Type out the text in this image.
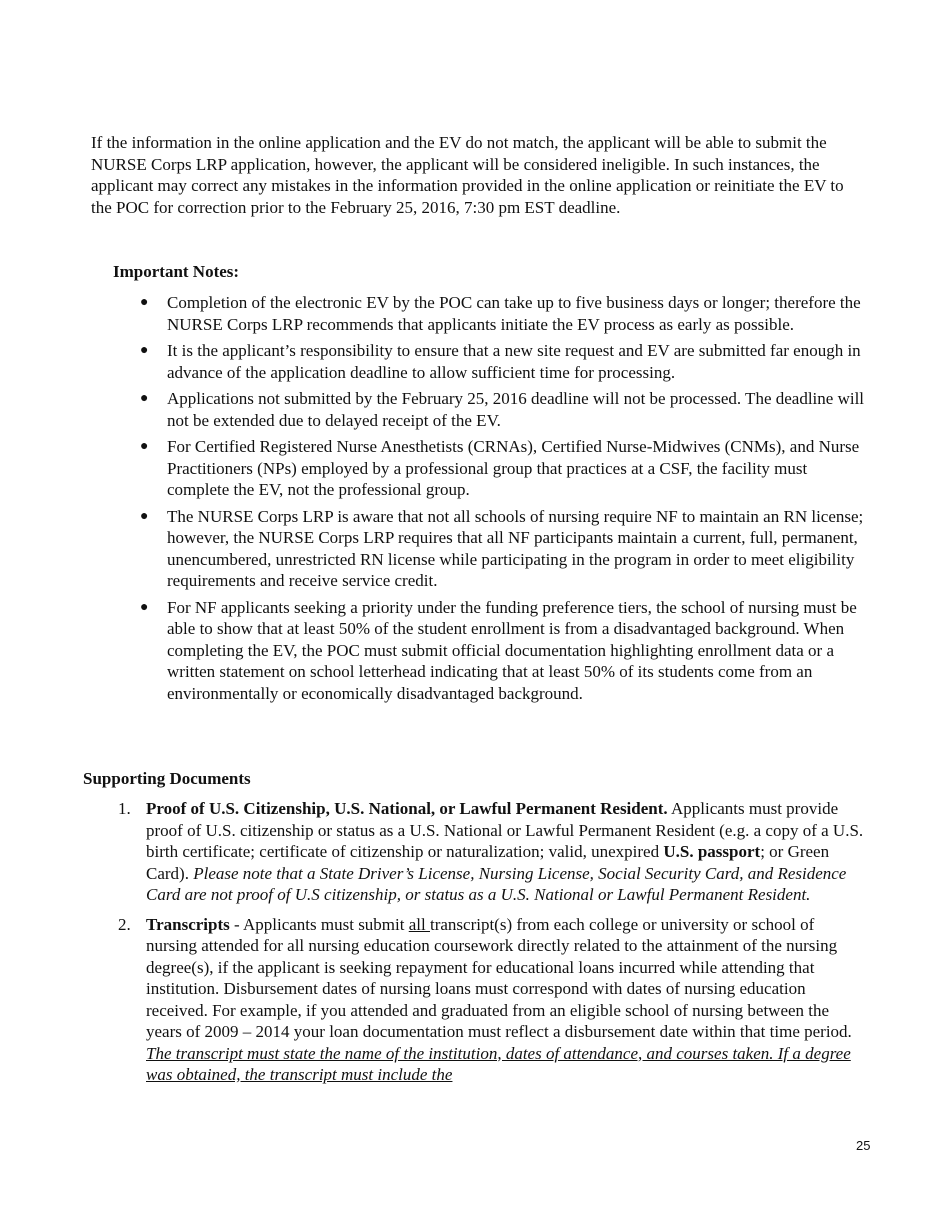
If the information in the online application and the EV do not match, the applicant will be able to submit the NURSE Corps LRP application, however, the applicant will be considered ineligible. In such instances, the applicant may correct any mistakes in the information provided in the online application or reinitiate the EV to the POC for correction prior to the February 25, 2016, 7:30 pm EST deadline.

Important Notes:

● Completion of the electronic EV by the POC can take up to five business days or longer; therefore the NURSE Corps LRP recommends that applicants initiate the EV process as early as possible.
● It is the applicant’s responsibility to ensure that a new site request and EV are submitted far enough in advance of the application deadline to allow sufficient time for processing.
● Applications not submitted by the February 25, 2016 deadline will not be processed. The deadline will not be extended due to delayed receipt of the EV.
● For Certified Registered Nurse Anesthetists (CRNAs), Certified Nurse-Midwives (CNMs), and Nurse Practitioners (NPs) employed by a professional group that practices at a CSF, the facility must complete the EV, not the professional group.
● The NURSE Corps LRP is aware that not all schools of nursing require NF to maintain an RN license; however, the NURSE Corps LRP requires that all NF participants maintain a current, full, permanent, unencumbered, unrestricted RN license while participating in the program in order to meet eligibility requirements and receive service credit.
● For NF applicants seeking a priority under the funding preference tiers, the school of nursing must be able to show that at least 50% of the student enrollment is from a disadvantaged background. When completing the EV, the POC must submit official documentation highlighting enrollment data or a written statement on school letterhead indicating that at least 50% of its students come from an environmentally or economically disadvantaged background.

Supporting Documents

1. Proof of U.S. Citizenship, U.S. National, or Lawful Permanent Resident. Applicants must provide proof of U.S. citizenship or status as a U.S. National or Lawful Permanent Resident (e.g. a copy of a U.S. birth certificate; certificate of citizenship or naturalization; valid, unexpired U.S. passport; or Green Card). Please note that a State Driver’s License, Nursing License, Social Security Card, and Residence Card are not proof of U.S citizenship, or status as a U.S. National or Lawful Permanent Resident.
2. Transcripts - Applicants must submit all transcript(s) from each college or university or school of nursing attended for all nursing education coursework directly related to the attainment of the nursing degree(s), if the applicant is seeking repayment for educational loans incurred while attending that institution. Disbursement dates of nursing loans must correspond with dates of nursing education received. For example, if you attended and graduated from an eligible school of nursing between the years of 2009 – 2014 your loan documentation must reflect a disbursement date within that time period. The transcript must state the name of the institution, dates of attendance, and courses taken. If a degree was obtained, the transcript must include the
25
